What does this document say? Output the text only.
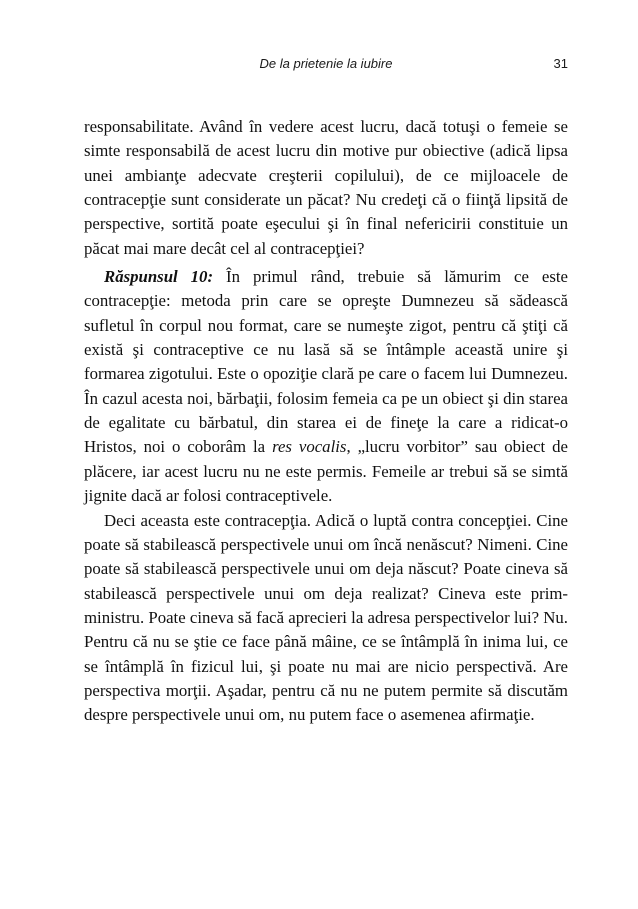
De la prietenie la iubire	31

responsabilitate. Având în vedere acest lucru, dacă totuşi o femeie se simte responsabilă de acest lucru din motive pur obiective (adică lipsa unei ambianţe adecvate creşterii copilului), de ce mijloacele de contracepţie sunt considerate un păcat? Nu credeţi că o fiinţă lipsită de perspective, sortită poate eşecului şi în final nefericirii constituie un păcat mai mare decât cel al contracepţiei?

Răspunsul 10: În primul rând, trebuie să lămurim ce este contracepţie: metoda prin care se opreşte Dumnezeu să sădească sufletul în corpul nou format, care se numeşte zigot, pentru că ştiţi că există şi contraceptive ce nu lasă să se întâmple această unire şi formarea zigotului. Este o opoziţie clară pe care o facem lui Dumnezeu. În cazul acesta noi, bărbaţii, folosim femeia ca pe un obiect şi din starea de egalitate cu bărbatul, din starea ei de fineţe la care a ridicat-o Hristos, noi o coborâm la res vocalis, „lucru vorbitor” sau obiect de plăcere, iar acest lucru nu ne este permis. Femeile ar trebui să se simtă jignite dacă ar folosi contraceptivele.

Deci aceasta este contracepţia. Adică o luptă contra concepţiei. Cine poate să stabilească perspectivele unui om încă nenăscut? Nimeni. Cine poate să stabilească perspectivele unui om deja născut? Poate cineva să stabilească perspectivele unui om deja realizat? Cineva este prim-ministru. Poate cineva să facă aprecieri la adresa perspectivelor lui? Nu. Pentru că nu se ştie ce face până mâine, ce se întâmplă în inima lui, ce se întâmplă în fizicul lui, şi poate nu mai are nicio perspectivă. Are perspectiva morţii. Aşadar, pentru că nu ne putem permite să discutăm despre perspectivele unui om, nu putem face o asemenea afirmaţie.
